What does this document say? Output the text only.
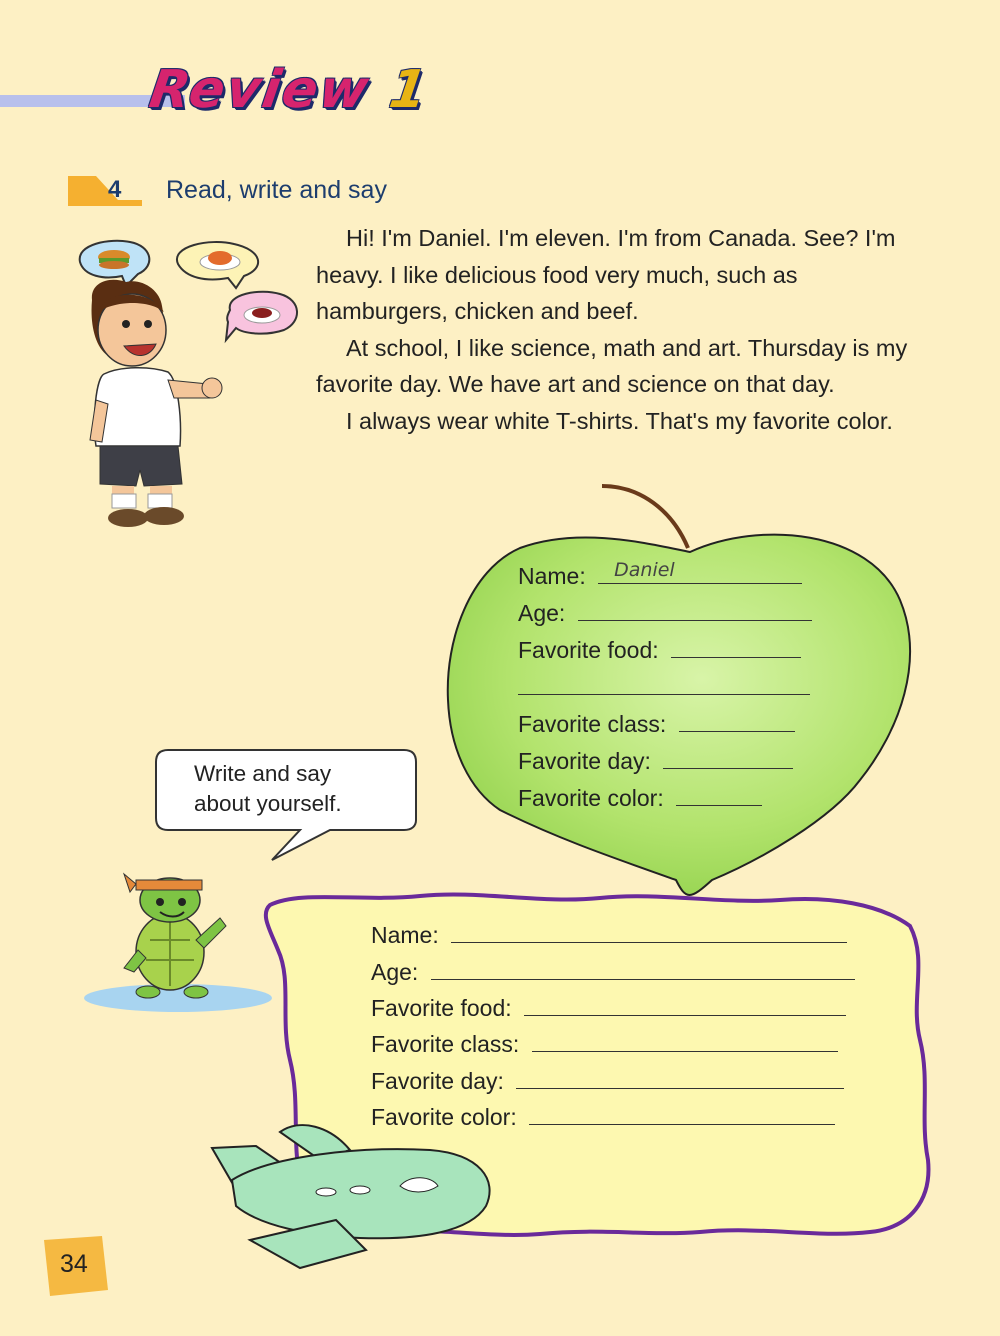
Review 1
4 Read, write and say

Hi! I'm Daniel. I'm eleven. I'm from Canada. See? I'm heavy. I like delicious food very much, such as hamburgers, chicken and beef.

At school, I like science, math and art. Thursday is my favorite day. We have art and science on that day.

I always wear white T-shirts. That's my favorite color.

Name: Daniel
Age:
Favorite food:
Favorite class:
Favorite day:
Favorite color:
Write and say
about yourself.
Name:
Age:
Favorite food:
Favorite class:
Favorite day:
Favorite color:
34
